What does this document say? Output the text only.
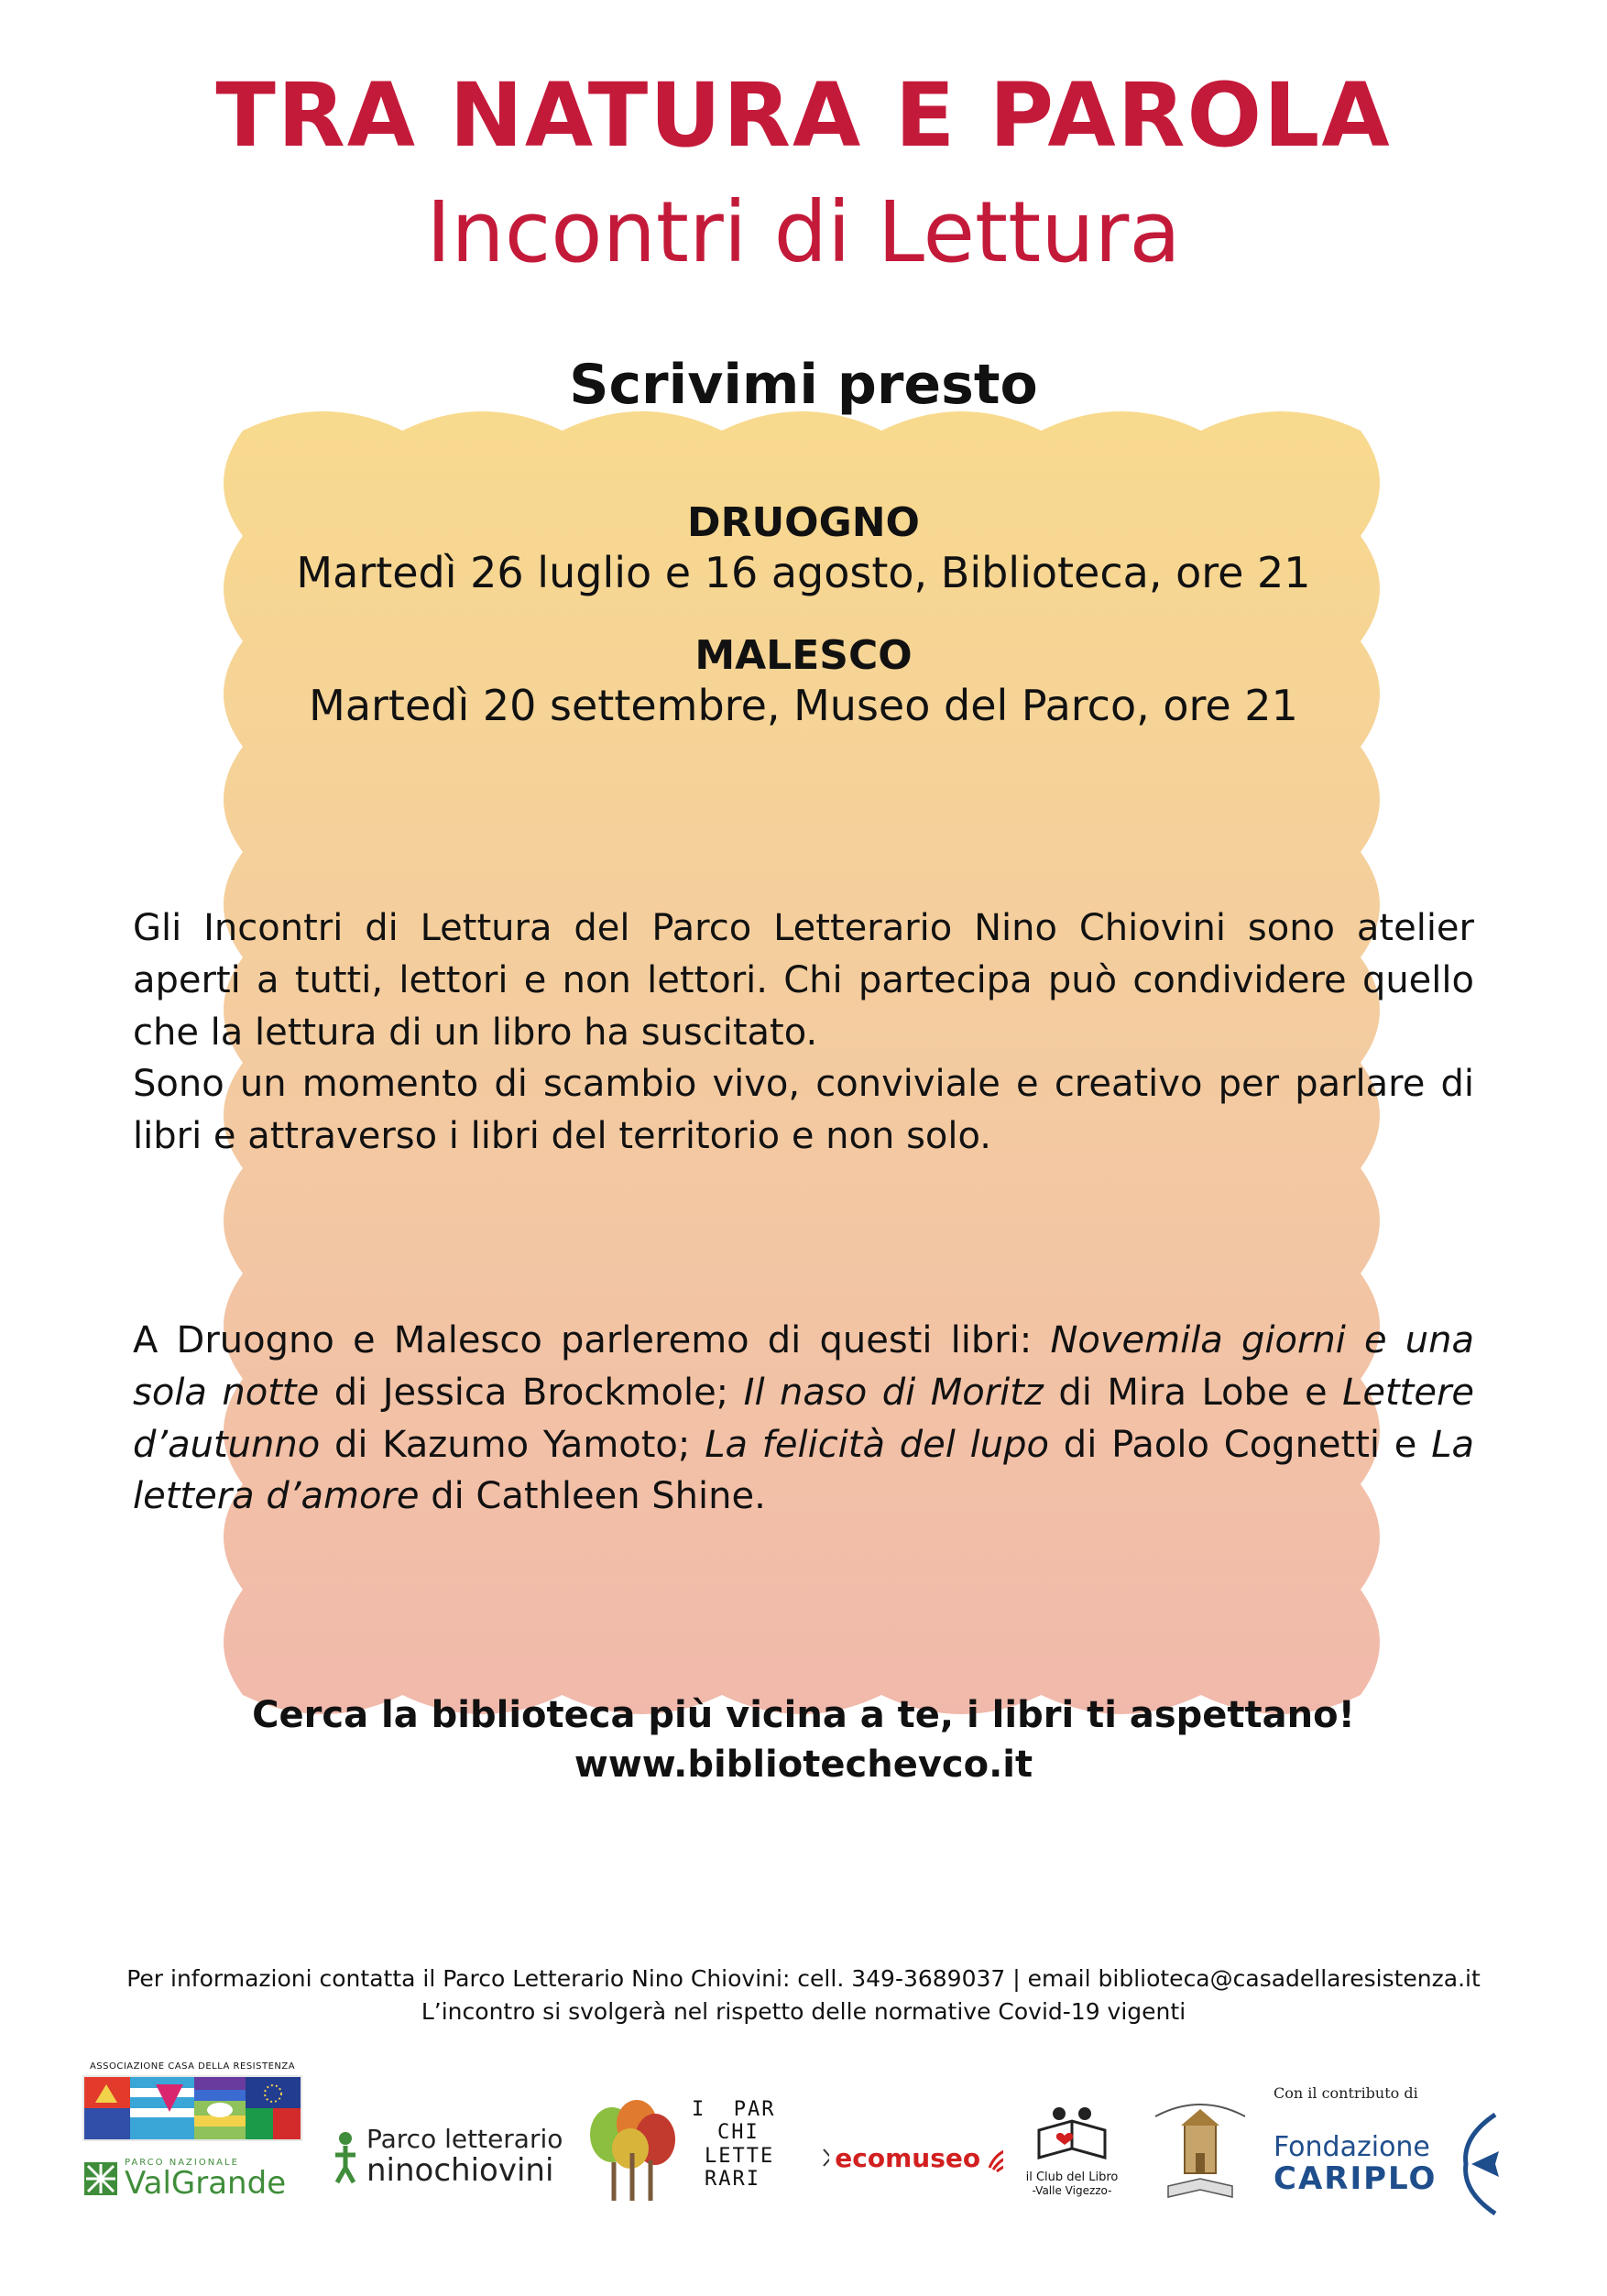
TRA NATURA E PAROLA
Incontri di Lettura
Scrivimi presto
DRUOGNO
Martedì 26 luglio e 16 agosto, Biblioteca, ore 21
MALESCO
Martedì 20 settembre, Museo del Parco, ore 21

Gli Incontri di Lettura del Parco Letterario Nino Chiovini sono atelier aperti a tutti, lettori e non lettori. Chi partecipa può condividere quello che la lettura di un libro ha suscitato.

Sono un momento di scambio vivo, conviviale e creativo per parlare di libri e attraverso i libri del territorio e non solo.

A Druogno e Malesco parleremo di questi libri: Novemila giorni e una sola notte di Jessica Brockmole; Il naso di Moritz di Mira Lobe e Lettere d’autunno di Kazumo Yamoto; La felicità del lupo di Paolo Cognetti e La lettera d’amore di Cathleen Shine.

Cerca la biblioteca più vicina a te, i libri ti aspettano!
www.bibliotechevco.it
Per informazioni contatta il Parco Letterario Nino Chiovini: cell. 349-3689037 | email biblioteca@casadellaresistenza.it
L’incontro si svolgerà nel rispetto delle normative Covid-19 vigenti
ASSOCIAZIONE CASA DELLA RESISTENZA
PARCO NAZIONALE
ValGrande
Parco letterario
ninochiovini
I  PAR
CHI
LETTE
RARI
ecomuseo
il Club del Libro
-Valle Vigezzo-
Con il contributo di
Fondazione
CARIPLO
